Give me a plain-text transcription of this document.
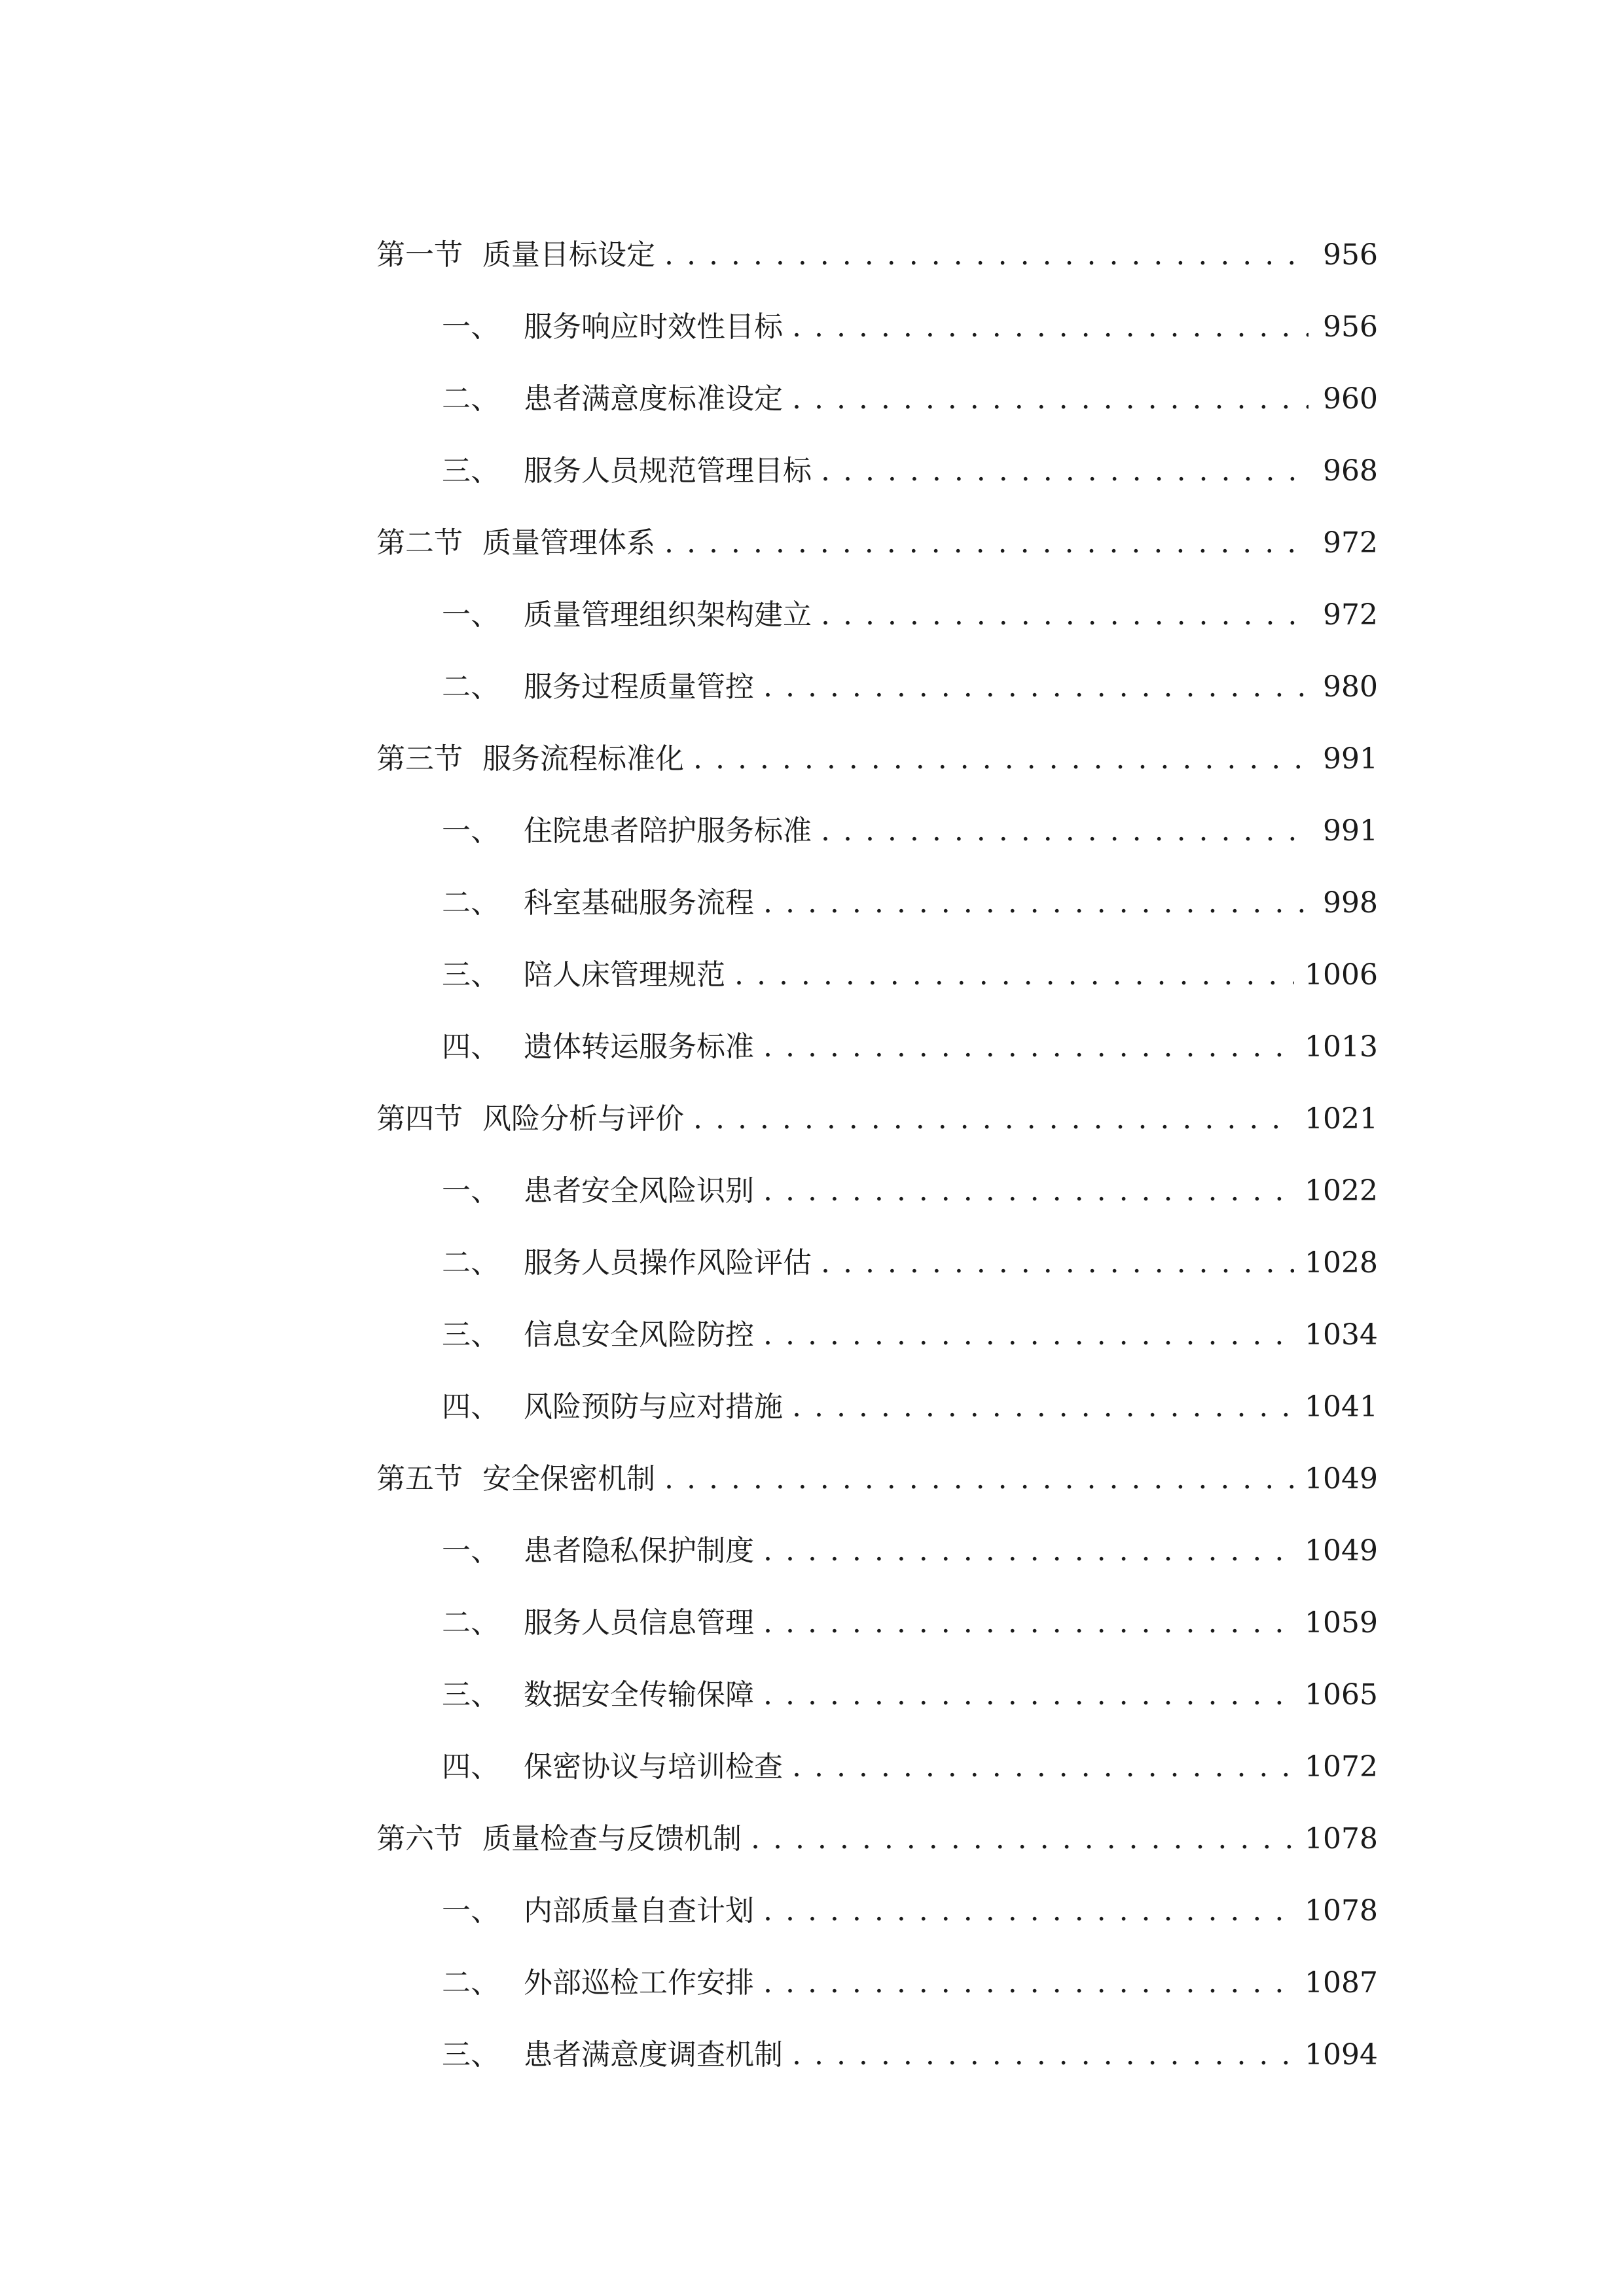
第一节 质量目标设定 . . .	956
一、 服务响应时效性目标 . . .	956
二、 患者满意度标准设定 . . .	960
三、 服务人员规范管理目标 . . .	968
第二节 质量管理体系 . . .	972
一、 质量管理组织架构建立 . . .	972
二、 服务过程质量管控 . . .	980
第三节 服务流程标准化 . . .	991
一、 住院患者陪护服务标准 . . .	991
二、 科室基础服务流程 . . .	998
三、 陪人床管理规范 . . .	1006
四、 遗体转运服务标准 . . .	1013
第四节 风险分析与评价 . . .	1021
一、 患者安全风险识别 . . .	1022
二、 服务人员操作风险评估 . . .	1028
三、 信息安全风险防控 . . .	1034
四、 风险预防与应对措施 . . .	1041
第五节 安全保密机制 . . .	1049
一、 患者隐私保护制度 . . .	1049
二、 服务人员信息管理 . . .	1059
三、 数据安全传输保障 . . .	1065
四、 保密协议与培训检查 . . .	1072
第六节 质量检查与反馈机制 . . .	1078
一、 内部质量自查计划 . . .	1078
二、 外部巡检工作安排 . . .	1087
三、 患者满意度调查机制 . . .	1094
